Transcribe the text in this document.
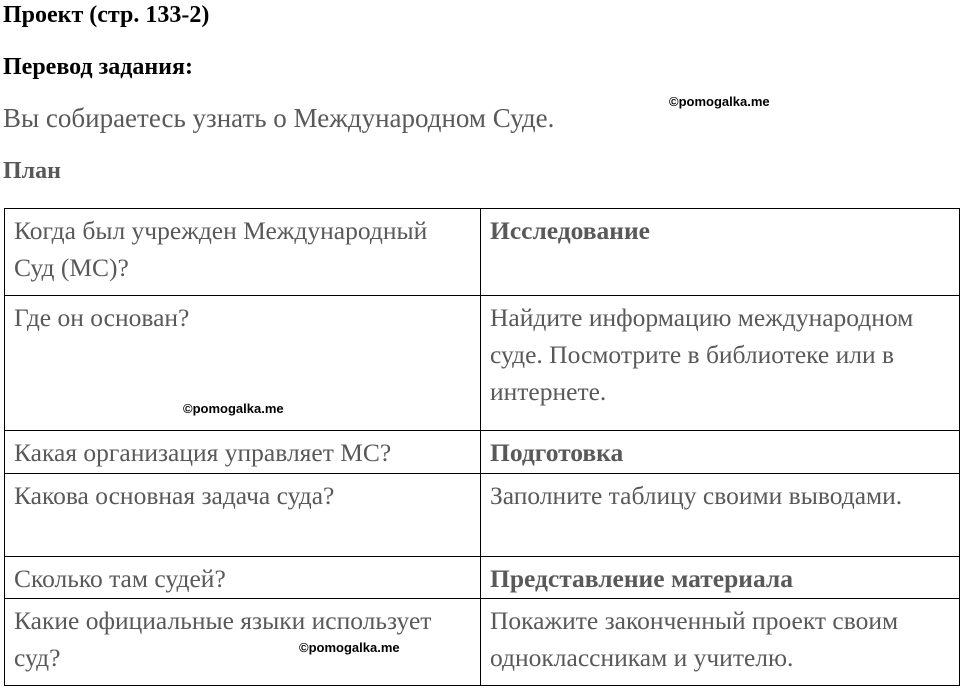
Проект (стр. 133-2)
Перевод задания:
Вы собираетесь узнать о Международном Суде.
План
©pomogalka.me
Когда был учрежден Международный Суд (МС)?	Исследование
Где он основан?	Найдите информацию международном суде. Посмотрите в библиотеке или в интернете.
Какая организация управляет МС?	Подготовка
Какова основная задача суда?	Заполните таблицу своими выводами.
Сколько там судей?	Представление материала
Какие официальные языки использует суд?	Покажите законченный проект своим одноклассникам и учителю.
©pomogalka.me
©pomogalka.me
